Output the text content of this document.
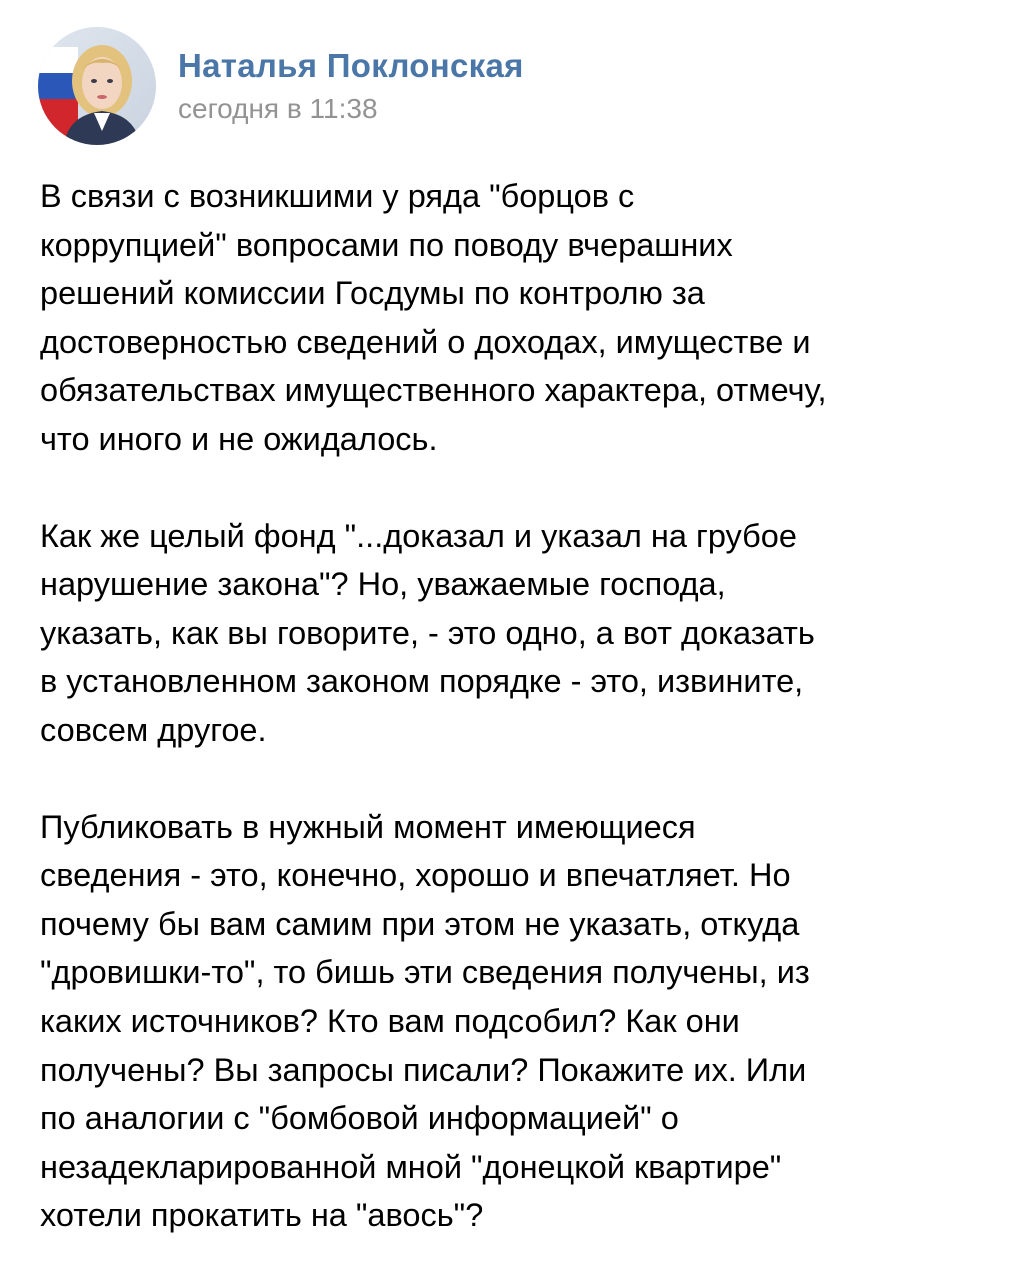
Наталья Поклонская
сегодня в 11:38

В связи с возникшими у ряда "борцов с
коррупцией" вопросами по поводу вчерашних
решений комиссии Госдумы по контролю за
достоверностью сведений о доходах, имуществе и
обязательствах имущественного характера, отмечу,
что иного и не ожидалось.

Как же целый фонд "...доказал и указал на грубое
нарушение закона"? Но, уважаемые господа,
указать, как вы говорите, - это одно, а вот доказать
в установленном законом порядке - это, извините,
совсем другое.

Публиковать в нужный момент имеющиеся
сведения - это, конечно, хорошо и впечатляет. Но
почему бы вам самим при этом не указать, откуда
"дровишки-то", то бишь эти сведения получены, из
каких источников? Кто вам подсобил? Как они
получены? Вы запросы писали? Покажите их. Или
по аналогии с "бомбовой информацией" о
незадекларированной мной "донецкой квартире"
хотели прокатить на "авось"?
